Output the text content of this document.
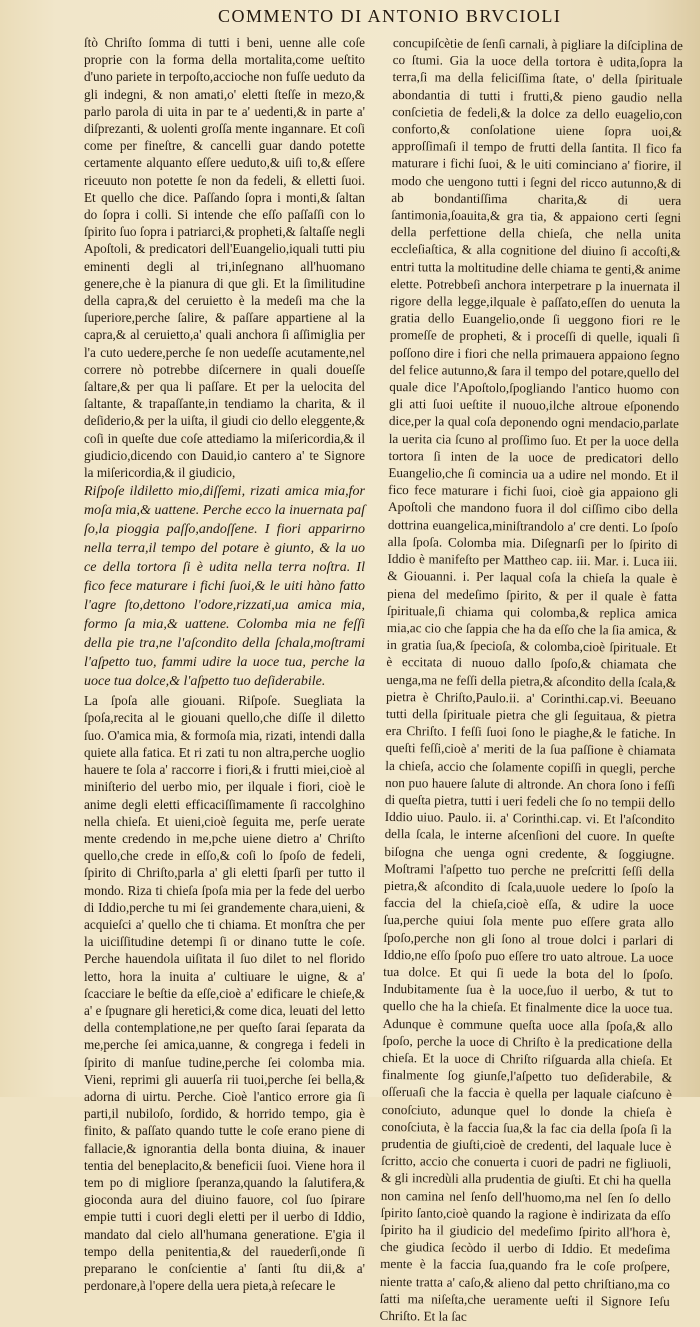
COMMENTO DI ANTONIO BRVCIOLI

ſtò Chriſto ſomma di tutti i beni, uenne alle coſe proprie con la forma della mortalita,come ueſtito d'uno pariete in terpoſto,accioche non fuſſe ueduto da gli indegni, & non amati,o' eletti ſteſſe in mezo,& parlo parola di uita in par te a' uedenti,& in parte a' diſprezanti, & uolenti groſſa mente ingannare. Et coſi come per fineſtre, & cancelli guar dando potette certamente alquanto eſſere ueduto,& uiſi to,& eſſere riceuuto non potette ſe non da fedeli, & elletti ſuoi. Et quello che dice. Paſſando ſopra i monti,& ſaltan do ſopra i colli. Si intende che eſſo paſſaſſi con lo ſpirito ſuo ſopra i patriarci,& propheti,& ſaltaſſe negli Apoſtoli, & predicatori dell'Euangelio,iquali tutti piu eminenti degli al tri,inſegnano all'huomano genere,che è la pianura di que gli. Et la ſimilitudine della capra,& del ceruietto è la medeſi ma che la ſuperiore,perche ſalire, & paſſare appartiene al la capra,& al ceruietto,a' quali anchora ſi aſſimiglia per l'a cuto uedere,perche ſe non uedeſſe acutamente,nel correre nò potrebbe diſcernere in quali doueſſe ſaltare,& per qua li paſſare. Et per la uelocita del ſaltante, & trapaſſante,in tendiamo la charita, & il deſiderio,& per la uiſta, il giudi cio dello eleggente,& coſi in queſte due coſe attediamo la miſericordia,& il giudicio,dicendo con Dauid,io cantero a' te Signore la miſericordia,& il giudicio,

Riſpoſe ildiletto mio,diſſemi, rizati amica mia,for moſa mia,& uattene. Perche ecco la inuernata paſ ſo,la pioggia paſſo,andoſſene. I fiori apparirno nella terra,il tempo del potare è giunto, & la uo ce della tortora ſi è udita nella terra noſtra. Il fico fece maturare i fichi ſuoi,& le uiti hàno fatto l'agre ſto,dettono l'odore,rizzati,ua amica mia, formo ſa mia,& uattene. Colomba mia ne feſſi della pie tra,ne l'aſcondito della ſchala,moſtrami l'aſpetto tuo, fammi udire la uoce tua, perche la uoce tua dolce,& l'aſpetto tuo deſiderabile.

La ſpoſa alle giouani. Riſpoſe. Suegliata la ſpoſa,recita al le giouani quello,che diſſe il diletto ſuo. O'amica mia, & formoſa mia, rizati, intendi dalla quiete alla fatica. Et ri zati tu non altra,perche uoglio hauere te ſola a' raccorre i fiori,& i frutti miei,cioè al miniſterio del uerbo mio, per ilquale i fiori, cioè le anime degli eletti efficaciſſimamente ſi raccolghino nella chieſa. Et uieni,cioè ſeguita me, perſe uerate mente credendo in me,pche uiene dietro a' Chriſto quello,che crede in eſſo,& coſi lo ſpoſo de fedeli, ſpirito di Chriſto,parla a' gli eletti ſparſi per tutto il mondo. Riza ti chieſa ſpoſa mia per la fede del uerbo di Iddio,perche tu mi ſei grandemente chara,uieni, & acquieſci a' quello che ti chiama. Et monſtra che per la uiciſſitudine detempi ſi or dinano tutte le coſe. Perche hauendola uiſitata il ſuo dilet to nel florido letto, hora la inuita a' cultiuare le uigne, & a' ſcacciare le beſtie da eſſe,cioè a' edificare le chieſe,& a' e ſpugnare gli heretici,& come dica, leuati del letto della contemplatione,ne per queſto ſarai ſeparata da me,perche ſei amica,uanne, & congrega i fedeli in ſpirito di manſue tudine,perche ſei colomba mia. Vieni, reprimi gli auuerſa rii tuoi,perche ſei bella,& adorna di uirtu. Perche. Cioè l'antico errore gia ſi parti,il nubiloſo, ſordido, & horrido tempo, gia è finito, & paſſato quando tutte le coſe erano piene di fallacie,& ignorantia della bonta diuina, & inauer tentia del beneplacito,& beneficii ſuoi. Viene hora il tem po di migliore ſperanza,quando la ſalutifera,& gioconda aura del diuino fauore, col ſuo ſpirare empie tutti i cuori degli eletti per il uerbo di Iddio, mandato dal cielo all'humana generatione. E'gia il tempo della penitentia,& del rauederſi,onde ſi preparano le conſcientie a' ſanti ſtu dii,& a' perdonare,à l'opere della uera pieta,à reſecare le

concupiſcètie de ſenſi carnali, à pigliare la diſciplina de co ſtumi. Gia la uoce della tortora è udita,ſopra la terra,ſi ma della feliciſſima ſtate, o' della ſpirituale abondantia di tutti i frutti,& pieno gaudio nella conſcietia de fedeli,& la dolce za dello euagelio,con conforto,& conſolatione uiene ſopra uoi,& approſſimaſi il tempo de frutti della ſantita. Il fico fa maturare i fichi ſuoi, & le uiti cominciano a' fiorire, il modo che uengono tutti i ſegni del ricco autunno,& di ab bondantiſſima charita,& di uera ſantimonia,ſoauita,& gra tia, & appaiono certi ſegni della perfettione della chieſa, che nella unita eccleſiaſtica, & alla cognitione del diuino ſi accoſti,& entri tutta la moltitudine delle chiama te genti,& anime elette. Potrebbeſi anchora interpetrare p la inuernata il rigore della legge,ilquale è paſſato,eſſen do uenuta la gratia dello Euangelio,onde ſi ueggono fiori re le promeſſe de propheti, & i proceſſi di quelle, iquali ſi poſſono dire i fiori che nella primauera appaiono ſegno del felice autunno,& ſara il tempo del potare,quello del quale dice l'Apoſtolo,ſpogliando l'antico huomo con gli atti ſuoi ueſtite il nuouo,ilche altroue eſponendo dice,per la qual coſa deponendo ogni mendacio,parlate la uerita cia ſcuno al proſſimo ſuo. Et per la uoce della tortora ſi inten de la uoce de predicatori dello Euangelio,che ſi comincia ua a udire nel mondo. Et il fico fece maturare i fichi ſuoi, cioè gia appaiono gli Apoſtoli che mandono fuora il dol ciſſimo cibo della dottrina euangelica,miniſtrandolo a' cre denti. Lo ſpoſo alla ſpoſa. Colomba mia. Diſegnarſi per lo ſpirito di Iddio è manifeſto per Mattheo cap. iii. Mar. i. Luca iii. & Giouanni. i. Per laqual coſa la chieſa la quale è piena del medeſimo ſpirito, & per il quale è fatta ſpirituale,ſi chiama qui colomba,& replica amica mia,ac cio che ſappia che ha da eſſo che la ſia amica, & in gratia ſua,& ſpecioſa, & colomba,cioè ſpirituale. Et è eccitata di nuouo dallo ſpoſo,& chiamata che uenga,ma ne feſſi della pietra,& aſcondito della ſcala,& pietra è Chriſto,Paulo.ii. a' Corinthi.cap.vi. Beeuano tutti della ſpirituale pietra che gli ſeguitaua, & pietra era Chriſto. I feſſi ſuoi ſono le piaghe,& le fatiche. In queſti feſſi,cioè a' meriti de la ſua paſſione è chiamata la chieſa, accio che ſolamente copiſſi in quegli, perche non puo hauere ſalute di altronde. An chora ſono i feſſi di queſta pietra, tutti i ueri fedeli che ſo no tempii dello Iddio uiuo. Paulo. ii. a' Corinthi.cap. vi. Et l'aſcondito della ſcala, le interne aſcenſioni del cuore. In queſte biſogna che uenga ogni credente, & ſoggiugne. Moſtrami l'aſpetto tuo perche ne preſcritti ſeſſi della pietra,& aſcondito di ſcala,uuole uedere lo ſpoſo la faccia del la chieſa,cioè eſſa, & udire la uoce ſua,perche quiui ſola mente puo eſſere grata allo ſpoſo,perche non gli ſono al troue dolci i parlari di Iddio,ne eſſo ſpoſo puo eſſere tro uato altroue. La uoce tua dolce. Et qui ſi uede la bota del lo ſpoſo. Indubitamente ſua è la uoce,ſuo il uerbo, & tut to quello che ha la chieſa. Et finalmente dice la uoce tua. Adunque è commune queſta uoce alla ſpoſa,& allo ſpoſo, perche la uoce di Chriſto è la predicatione della chieſa. Et la uoce di Chriſto riſguarda alla chieſa. Et finalmente ſog giunſe,l'aſpetto tuo deſiderabile, & oſſeruaſi che la faccia è quella per laquale ciaſcuno è conoſciuto, adunque quel lo donde la chieſa è conoſciuta, è la faccia ſua,& la fac cia della ſpoſa ſi la prudentia de giuſti,cioè de credenti, del laquale luce è ſcritto, accio che conuerta i cuori de padri ne figliuoli, & gli incredùli alla prudentia de giuſti. Et chi ha quella non camina nel ſenſo dell'huomo,ma nel ſen ſo dello ſpirito ſanto,cioè quando la ragione è indirizata da eſſo ſpirito ha il giudicio del medeſimo ſpirito all'hora è, che giudica ſecòdo il uerbo di Iddio. Et medeſima mente è la faccia ſua,quando fra le coſe proſpere, niente tratta a' caſo,& alieno dal petto chriſtiano,ma co ſatti ma niſeſta,che ueramente ueſti il Signore Ieſu Chriſto. Et la ſac
